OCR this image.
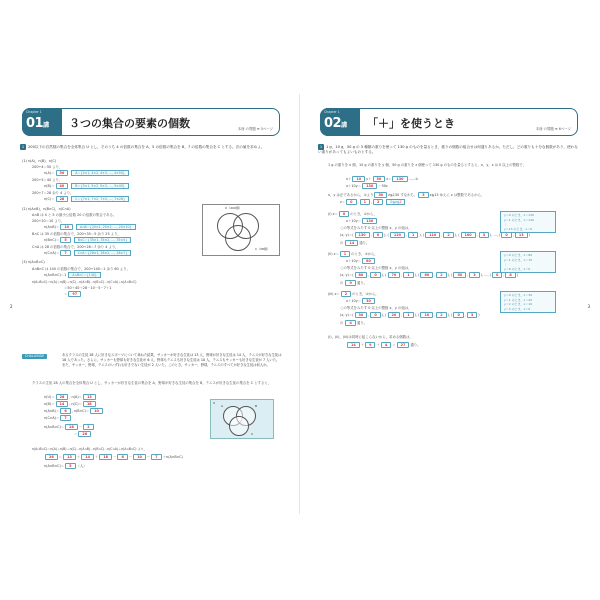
Chapter 1
01講 ３つの集合の要素の個数	本冊 の問題 ➡ 5ページ
1 200以下の自然数の集合を全体集合 U とし，そのうち 4 の倍数の集合を A，5 の倍数の集合を B，7 の倍数の集合を C とする。次の値を求めよ。
(1) n(A)，n(B)，n(C)
200÷4＝50 より，
n(A)＝ 50	A＝{4×1, 4×2, 4×3, …, 4×50}
200÷5＝40 より，
n(B)＝ 40	B＝{5×1, 5×2, 5×3, …, 5×40}
200÷7＝28 余り 4 より，
n(C)＝ 28	C＝{7×1, 7×2, 7×3, …, 7×28}
(2) n(A∩B)，n(B∩C)，n(C∩A)	U（200個）
C（28個）
A∩B は 4 と 5 の最小公倍数 20 の倍数の集合である。
200÷20＝10 より，
n(A∩B)＝ 10	A∩B＝{20×1, 20×2, …, 20×10}
B∩C は 35 の倍数の集合で，200÷35＝5 余り 25 より，
n(B∩C)＝ 5	B∩C＝{35×1, 35×2, …, 35×5}
C∩A は 28 の倍数の集合で，200÷28＝7 余り 4 より，
n(C∩A)＝ 7	C∩A＝{28×1, 28×2, …, 28×7}
(3) n(A∪B∪C)
A∩B∩C は 140 の倍数の集合で，200÷140＝1 余り 60 より，
n(A∩B∩C)＝1 A∩B∩C＝{140}
n(A∪B∪C)＝n(A)＋n(B)＋n(C)－n(A∩B)－n(B∩C)－n(C∩A)＋n(A∩B∩C)
＝50＋40＋28－10－5－7＋1
＝ 97
CHALLENGE	あるクラスの生徒 28 人に好きなスポーツについて尋ねた結果，サッカーが好きな生徒は 13 人，野球が好きな生徒は 14 人，テニスが好きな生徒は 18 人であった。さらに，サッカーも野球も好きな生徒が 6 人，野球もテニスも好きな生徒は 10 人，テニスもサッカーも好きな生徒が 7 人いた。また，サッカー，野球，テニスのいずれも好きでない生徒が 2 人いた。このとき，サッカー，野球，テニスのすべてが好きな生徒は何人か。
クラスの生徒 28 人の集合を全体集合 U とし，サッカーが好きな生徒の集合を A，野球が好きな生徒の集合を B，テニスが好きな生徒の集合を C とすると，
n(U)＝ 28 , n(A)＝ 13
n(B)＝ 14 , n(C)＝ 18
n(A∩B)＝ 6 , n(B∩C)＝ 10
n(C∩A)＝ 7
n(A∪B∪C)＝ 28 － 2
＝ 26
U
A	B
C
n(A∪B∪C)＝n(A)＋n(B)＋n(C)－n(A∩B)－n(B∩C)－n(C∩A)＋n(A∩B∩C) より，
26 ＝ 13 ＋ 14 ＋ 18 － 6 － 10 － 7 ＋n(A∩B∩C)
n(A∩B∩C)＝ 5 （人）
2
Chapter 1
02講 「＋」を使うとき	本冊 の問題 ➡ 6ページ
1 1 g，10 g，50 g の 3 種類の重りを使って 130 g のものを量るとき，重りの個数の組合せは何通りあるか。ただし，どの重りも十分な個数があり，使わない重りがあってもよいものとする。
1 g の重りを x 個，10 g の重りを y 個，50 g の重りを z 個使って 130 g のものを量るとすると，x，y，z は 0 以上の整数で，
x＋ 10 y＋ 50 z＝ 130 ……①
x＋10y＝ 130 －50z
x，y は正であるから，①より 50 z≦130 すなわち， 5 z≦13 ゆえに z は整数であるから，
z＝ 0 , 1 , 2	0≦z≦2
(i) z＝ 0 のとき，①から，
x＋10y＝ 130
この等式をみたす 0 以上の整数 x，y の組は，
(x, y)＝( 130 , 0 ), ( 120 , 1 ), ( 110 , 2 ), ( 100 , 3 ), …, ( 0 , 13 )
の 14 通り。
y＝0 のとき，x＝130
y＝1 のとき，x＝120
⋮
y＝13 のとき，x＝0
(ii) z＝ 1 のとき，①から，
x＋10y＝ 80
この等式をみたす 0 以上の整数 x，y の組は，
(x, y)＝( 80 , 0 ), ( 70 , 1 ), ( 60 , 2 ), ( 50 , 3 ), …, ( 0 , 8 )
の 9 通り。
y＝0 のとき，x＝80
y＝1 のとき，x＝70
⋮
y＝8 のとき，x＝0
(iii) z＝ 2 のとき，①から，
x＋10y＝ 30
この等式をみたす 0 以上の整数 x，y の組は，
(x, y)＝( 30 , 0 ), ( 20 , 1 ), ( 10 , 2 ), ( 0 , 3 )
の 4 通り。
y＝0 のとき，x＝30
y＝1 のとき，x＝20
y＝2 のとき，x＝10
y＝3 のとき，x＝0
(i)，(ii)，(iii)は同時に起こらないから，求める個数は，
14 ＋ 9 ＋ 4 ＝ 27 通り。
3
